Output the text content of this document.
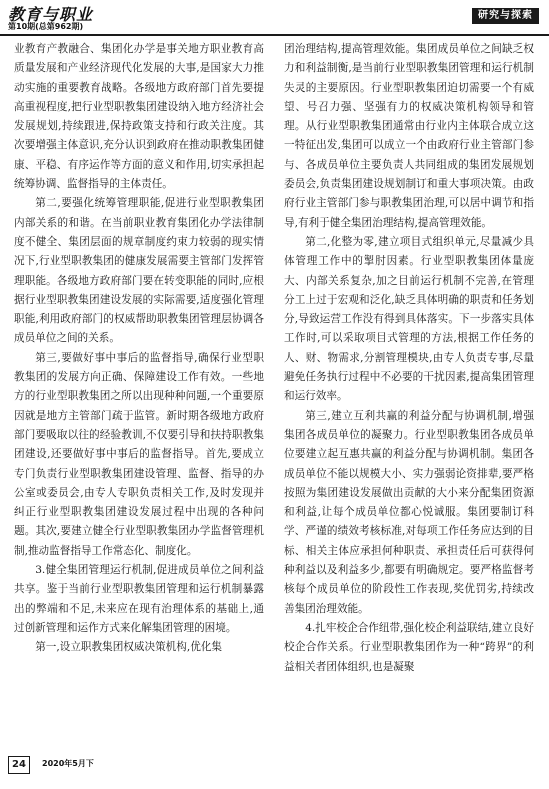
教育与职业
第10期(总第962期)
研究与探索

业教育产教融合、集团化办学是事关地方职业教育高质量发展和产业经济现代化发展的大事,是国家大力推动实施的重要教育战略。各级地方政府部门首先要提高重视程度,把行业型职教集团建设纳入地方经济社会发展规划,持续跟进,保持政策支持和行政关注度。其次要增强主体意识,充分认识到政府在推动职教集团健康、平稳、有序运作等方面的意义和作用,切实承担起统筹协调、监督指导的主体责任。

第二,要强化统筹管理职能,促进行业型职教集团内部关系的和谐。在当前职业教育集团化办学法律制度不健全、集团层面的规章制度约束力较弱的现实情况下,行业型职教集团的健康发展需要主管部门发挥管理职能。各级地方政府部门要在转变职能的同时,应根据行业型职教集团建设发展的实际需要,适度强化管理职能,利用政府部门的权威帮助职教集团管理层协调各成员单位之间的关系。

第三,要做好事中事后的监督指导,确保行业型职教集团的发展方向正确、保障建设工作有效。一些地方的行业型职教集团之所以出现种种问题,一个重要原因就是地方主管部门疏于监管。新时期各级地方政府部门要吸取以往的经验教训,不仅要引导和扶持职教集团建设,还要做好事中事后的监督指导。首先,要成立专门负责行业型职教集团建设管理、监督、指导的办公室或委员会,由专人专职负责相关工作,及时发现并纠正行业型职教集团建设发展过程中出现的各种问题。其次,要建立健全行业型职教集团办学监督管理机制,推动监督指导工作常态化、制度化。

3.健全集团管理运行机制,促进成员单位之间利益共享。鉴于当前行业型职教集团管理和运行机制暴露出的弊端和不足,未来应在现有治理体系的基础上,通过创新管理和运作方式来化解集团管理的困境。

第一,设立职教集团权威决策机构,优化集

团治理结构,提高管理效能。集团成员单位之间缺乏权力和利益制衡,是当前行业型职教集团管理和运行机制失灵的主要原因。行业型职教集团迫切需要一个有威望、号召力强、坚强有力的权威决策机构领导和管理。从行业型职教集团通常由行业内主体联合成立这一特征出发,集团可以成立一个由政府行业主管部门参与、各成员单位主要负责人共同组成的集团发展规划委员会,负责集团建设规划制订和重大事项决策。由政府行业主管部门参与职教集团治理,可以居中调节和指导,有利于健全集团治理结构,提高管理效能。

第二,化整为零,建立项目式组织单元,尽量减少具体管理工作中的掣肘因素。行业型职教集团体量庞大、内部关系复杂,加之目前运行机制不完善,在管理分工上过于宏观和泛化,缺乏具体明确的职责和任务划分,导致运营工作没有得到具体落实。下一步落实具体工作时,可以采取项目式管理的方法,根据工作任务的人、财、物需求,分割管理模块,由专人负责专事,尽量避免任务执行过程中不必要的干扰因素,提高集团管理和运行效率。

第三,建立互利共赢的利益分配与协调机制,增强集团各成员单位的凝聚力。行业型职教集团各成员单位要建立起互惠共赢的利益分配与协调机制。集团各成员单位不能以规模大小、实力强弱论资排辈,要严格按照为集团建设发展做出贡献的大小来分配集团资源和利益,让每个成员单位都心悦诚服。集团要制订科学、严谨的绩效考核标准,对每项工作任务应达到的目标、相关主体应承担何种职责、承担责任后可获得何种利益以及利益多少,都要有明确规定。要严格监督考核每个成员单位的阶段性工作表现,奖优罚劣,持续改善集团治理效能。

4.扎牢校企合作纽带,强化校企利益联结,建立良好校企合作关系。行业型职教集团作为一种“跨界”的利益相关者团体组织,也是凝聚

24	2020年5月下
